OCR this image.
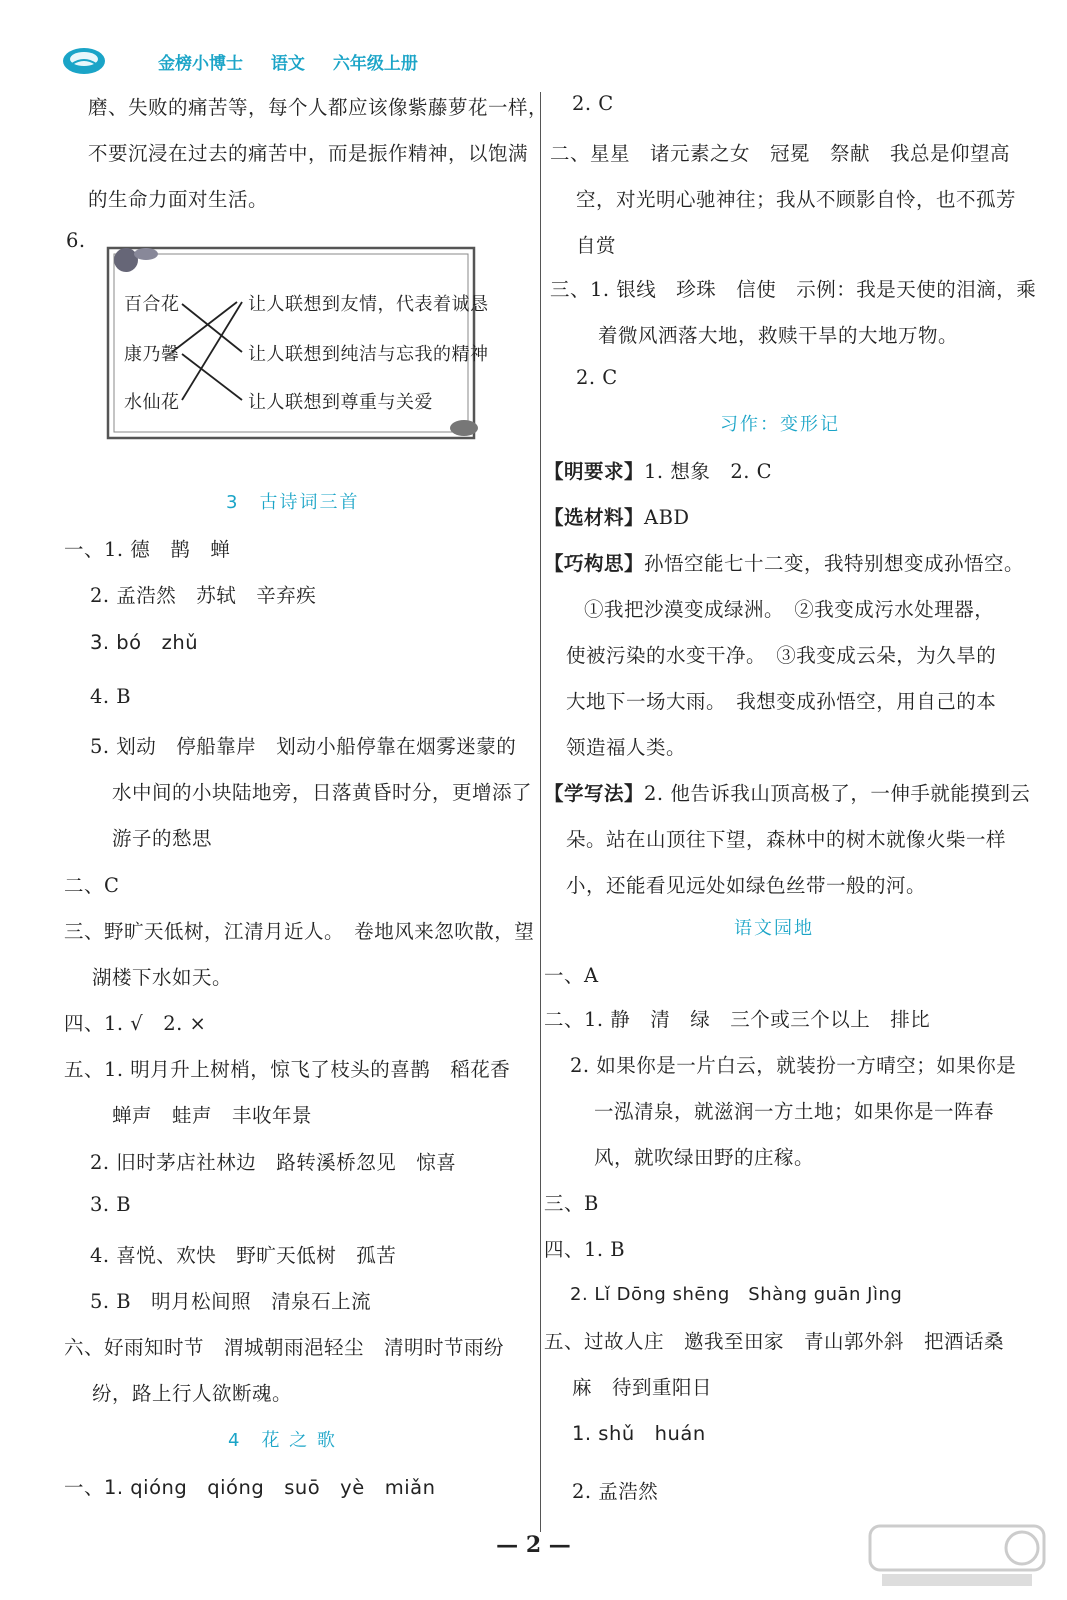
金榜小博士 语文 六年级上册
磨、失败的痛苦等，每个人都应该像紫藤萝花一样，
不要沉浸在过去的痛苦中，而是振作精神，以饱满
的生命力面对生活。
6.
百合花
康乃馨
水仙花
让人联想到友情，代表着诚恳
让人联想到纯洁与忘我的精神
让人联想到尊重与关爱
3　古诗词三首
一、1. 德　鹊　蝉
2. 孟浩然　苏轼　辛弃疾
3. bó　zhǔ
4. B
5. 划动　停船靠岸　划动小船停靠在烟雾迷蒙的
水中间的小块陆地旁，日落黄昏时分，更增添了
游子的愁思
二、C
三、野旷天低树，江清月近人。　卷地风来忽吹散，望
湖楼下水如天。
四、1. √　2. ×
五、1. 明月升上树梢，惊飞了枝头的喜鹊　稻花香
蝉声　蛙声　丰收年景
2. 旧时茅店社林边　路转溪桥忽见　惊喜
3. B
4. 喜悦、欢快　野旷天低树　孤苦
5. B　明月松间照　清泉石上流
六、好雨知时节　渭城朝雨浥轻尘　清明时节雨纷
纷，路上行人欲断魂。
4　花 之 歌
一、1. qióng　qióng　suō　yè　miǎn
2. C
二、星星　诸元素之女　冠冕　祭献　我总是仰望高
空，对光明心驰神往；我从不顾影自怜，也不孤芳
自赏
三、1. 银线　珍珠　信使　示例：我是天使的泪滴，乘
着微风洒落大地，救赎干旱的大地万物。
2. C
习作：变形记
【明要求】1. 想象　2. C
【选材料】ABD
【巧构思】孙悟空能七十二变，我特别想变成孙悟空。
①我把沙漠变成绿洲。　②我变成污水处理器，
使被污染的水变干净。　③我变成云朵，为久旱的
大地下一场大雨。　我想变成孙悟空，用自己的本
领造福人类。
【学写法】2. 他告诉我山顶高极了，一伸手就能摸到云
朵。站在山顶往下望，森林中的树木就像火柴一样
小，还能看见远处如绿色丝带一般的河。
语文园地
一、A
二、1. 静　清　绿　三个或三个以上　排比
2. 如果你是一片白云，就装扮一方晴空；如果你是
一泓清泉，就滋润一方土地；如果你是一阵春
风，就吹绿田野的庄稼。
三、B
四、1. B
2. Lǐ Dōng shēng　Shàng guān Jìng
五、过故人庄　邀我至田家　青山郭外斜　把酒话桑
麻　待到重阳日
1. shǔ　huán
2. 孟浩然
— 2 —
